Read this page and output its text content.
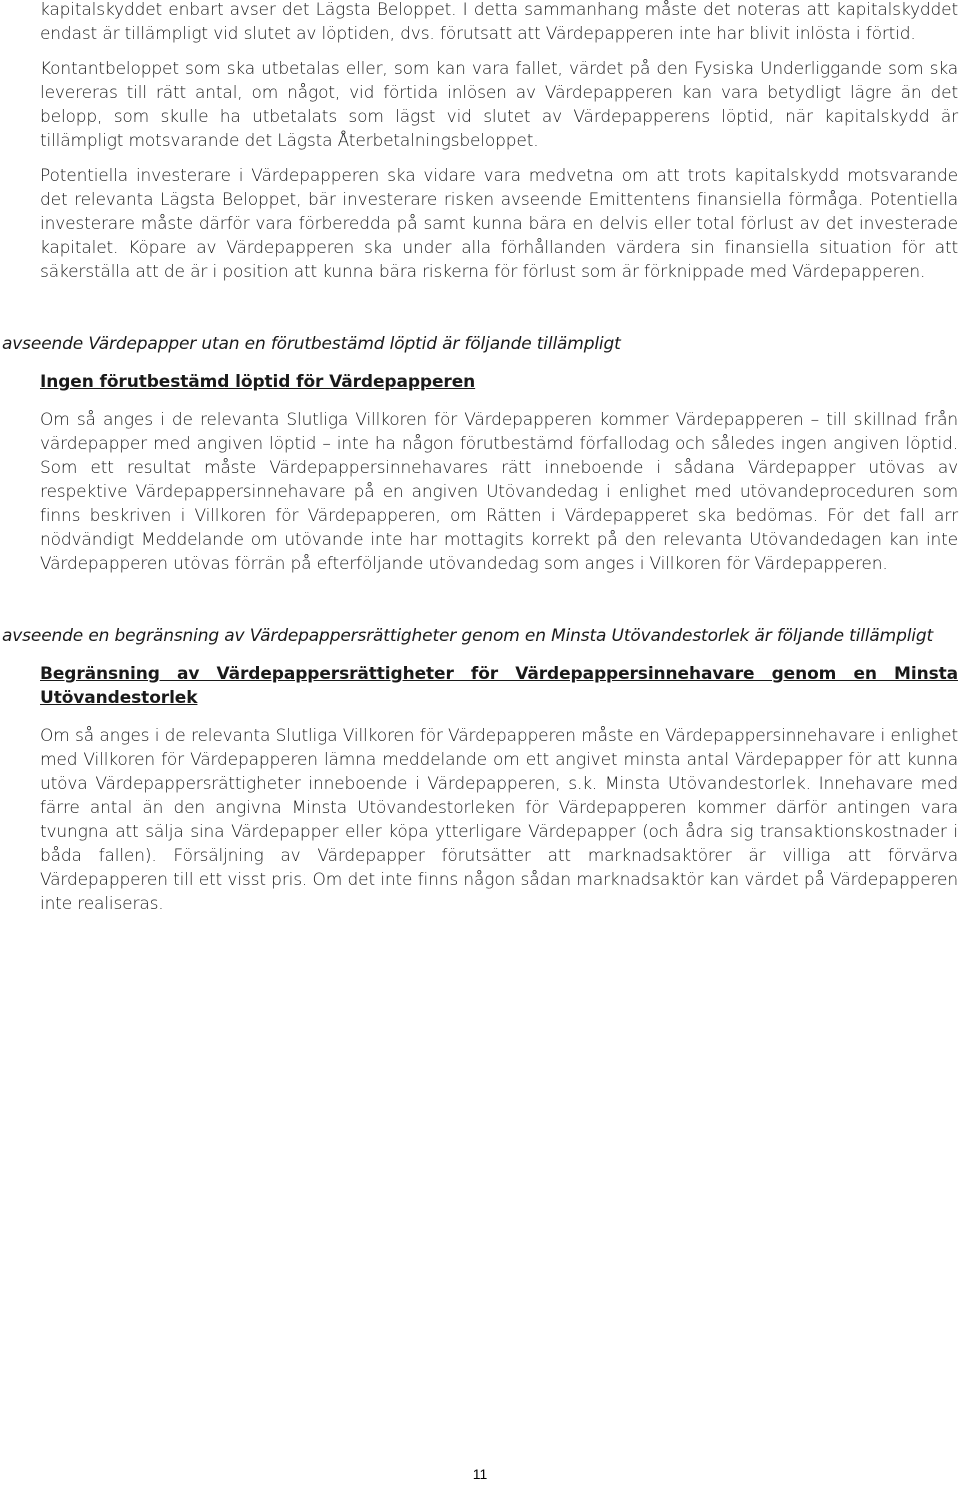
kapitalskyddet enbart avser det Lägsta Beloppet. I detta sammanhang måste det noteras att kapitalskyddet endast är tillämpligt vid slutet av löptiden, dvs. förutsatt att Värdepapperen inte har blivit inlösta i förtid.

Kontantbeloppet som ska utbetalas eller, som kan vara fallet, värdet på den Fysiska Underliggande som ska levereras till rätt antal, om något, vid förtida inlösen av Värdepapperen kan vara betydligt lägre än det belopp, som skulle ha utbetalats som lägst vid slutet av Värdepapperens löptid, när kapitalskydd är tillämpligt motsvarande det Lägsta Återbetalningsbeloppet.

Potentiella investerare i Värdepapperen ska vidare vara medvetna om att trots kapitalskydd motsvarande det relevanta Lägsta Beloppet, bär investerare risken avseende Emittentens finansiella förmåga. Potentiella investerare måste därför vara förberedda på samt kunna bära en delvis eller total förlust av det investerade kapitalet. Köpare av Värdepapperen ska under alla förhållanden värdera sin finansiella situation för att säkerställa att de är i position att kunna bära riskerna för förlust som är förknippade med Värdepapperen.

avseende Värdepapper utan en förutbestämd löptid är följande tillämpligt

Ingen förutbestämd löptid för Värdepapperen

Om så anges i de relevanta Slutliga Villkoren för Värdepapperen kommer Värdepapperen – till skillnad från värdepapper med angiven löptid – inte ha någon förutbestämd förfallodag och således ingen angiven löptid. Som ett resultat måste Värdepappersinnehavares rätt inneboende i sådana Värdepapper utövas av respektive Värdepappersinnehavare på en angiven Utövandedag i enlighet med utövandeproceduren som finns beskriven i Villkoren för Värdepapperen, om Rätten i Värdepapperet ska bedömas. För det fall arr nödvändigt Meddelande om utövande inte har mottagits korrekt på den relevanta Utövandedagen kan inte Värdepapperen utövas förrän på efterföljande utövandedag som anges i Villkoren för Värdepapperen.

avseende en begränsning av Värdepappersrättigheter genom en Minsta Utövandestorlek är följande tillämpligt

Begränsning av Värdepappersrättigheter för Värdepappersinnehavare genom en Minsta Utövandestorlek

Om så anges i de relevanta Slutliga Villkoren för Värdepapperen måste en Värdepappersinnehavare i enlighet med Villkoren för Värdepapperen lämna meddelande om ett angivet minsta antal Värdepapper för att kunna utöva Värdepappersrättigheter inneboende i Värdepapperen, s.k. Minsta Utövandestorlek. Innehavare med färre antal än den angivna Minsta Utövandestorleken för Värdepapperen kommer därför antingen vara tvungna att sälja sina Värdepapper eller köpa ytterligare Värdepapper (och ådra sig transaktionskostnader i båda fallen). Försäljning av Värdepapper förutsätter att marknadsaktörer är villiga att förvärva Värdepapperen till ett visst pris. Om det inte finns någon sådan marknadsaktör kan värdet på Värdepapperen inte realiseras.

11
